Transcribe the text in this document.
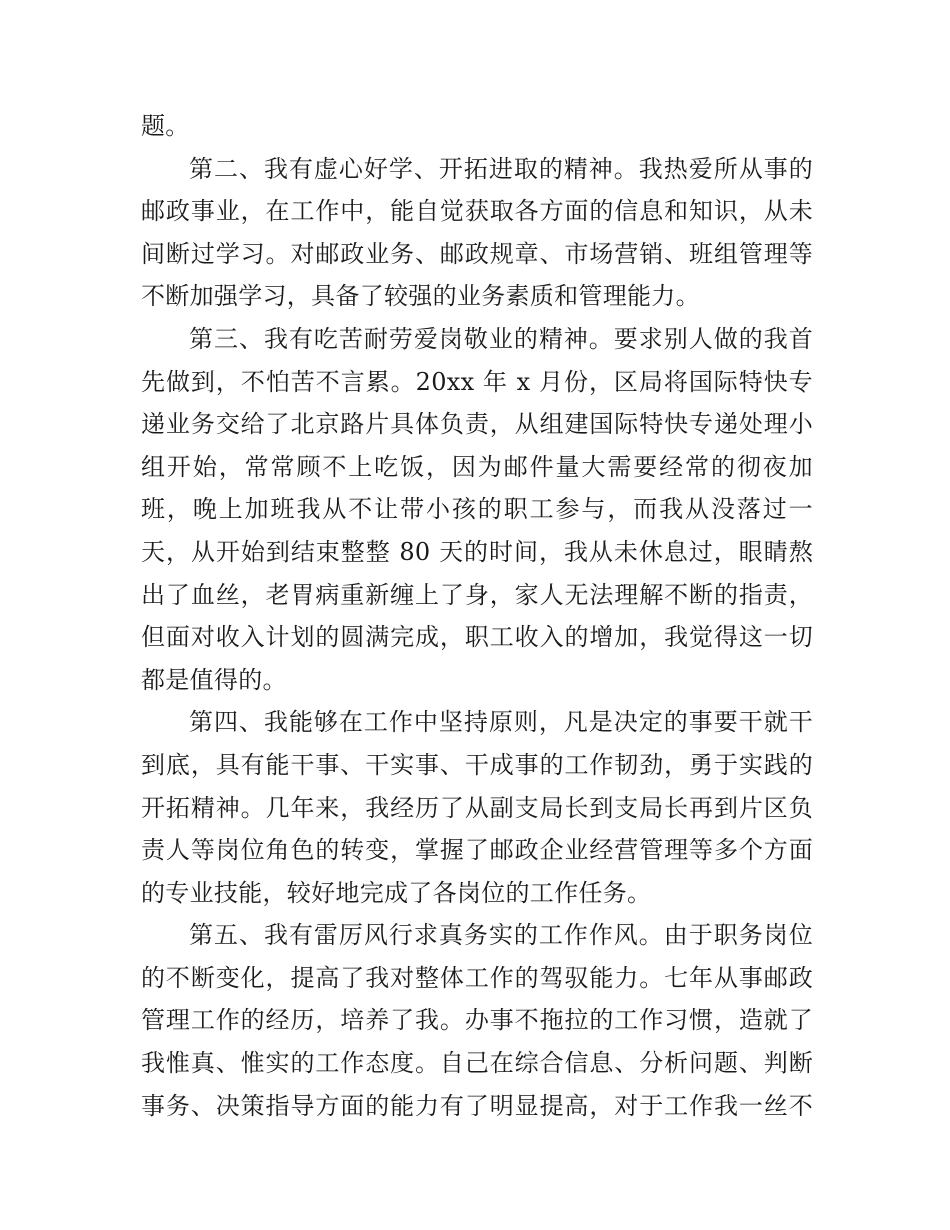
题。
第二、我有虚心好学、开拓进取的精神。我热爱所从事的
邮政事业，在工作中，能自觉获取各方面的信息和知识，从未
间断过学习。对邮政业务、邮政规章、市场营销、班组管理等
不断加强学习，具备了较强的业务素质和管理能力。
第三、我有吃苦耐劳爱岗敬业的精神。要求别人做的我首
先做到，不怕苦不言累。20xx 年 x 月份，区局将国际特快专
递业务交给了北京路片具体负责，从组建国际特快专递处理小
组开始，常常顾不上吃饭，因为邮件量大需要经常的彻夜加
班，晚上加班我从不让带小孩的职工参与，而我从没落过一
天，从开始到结束整整 80 天的时间，我从未休息过，眼睛熬
出了血丝，老胃病重新缠上了身，家人无法理解不断的指责，
但面对收入计划的圆满完成，职工收入的增加，我觉得这一切
都是值得的。
第四、我能够在工作中坚持原则，凡是决定的事要干就干
到底，具有能干事、干实事、干成事的工作韧劲，勇于实践的
开拓精神。几年来，我经历了从副支局长到支局长再到片区负
责人等岗位角色的转变，掌握了邮政企业经营管理等多个方面
的专业技能，较好地完成了各岗位的工作任务。
第五、我有雷厉风行求真务实的工作作风。由于职务岗位
的不断变化，提高了我对整体工作的驾驭能力。七年从事邮政
管理工作的经历，培养了我。办事不拖拉的工作习惯，造就了
我惟真、惟实的工作态度。自己在综合信息、分析问题、判断
事务、决策指导方面的能力有了明显提高，对于工作我一丝不
